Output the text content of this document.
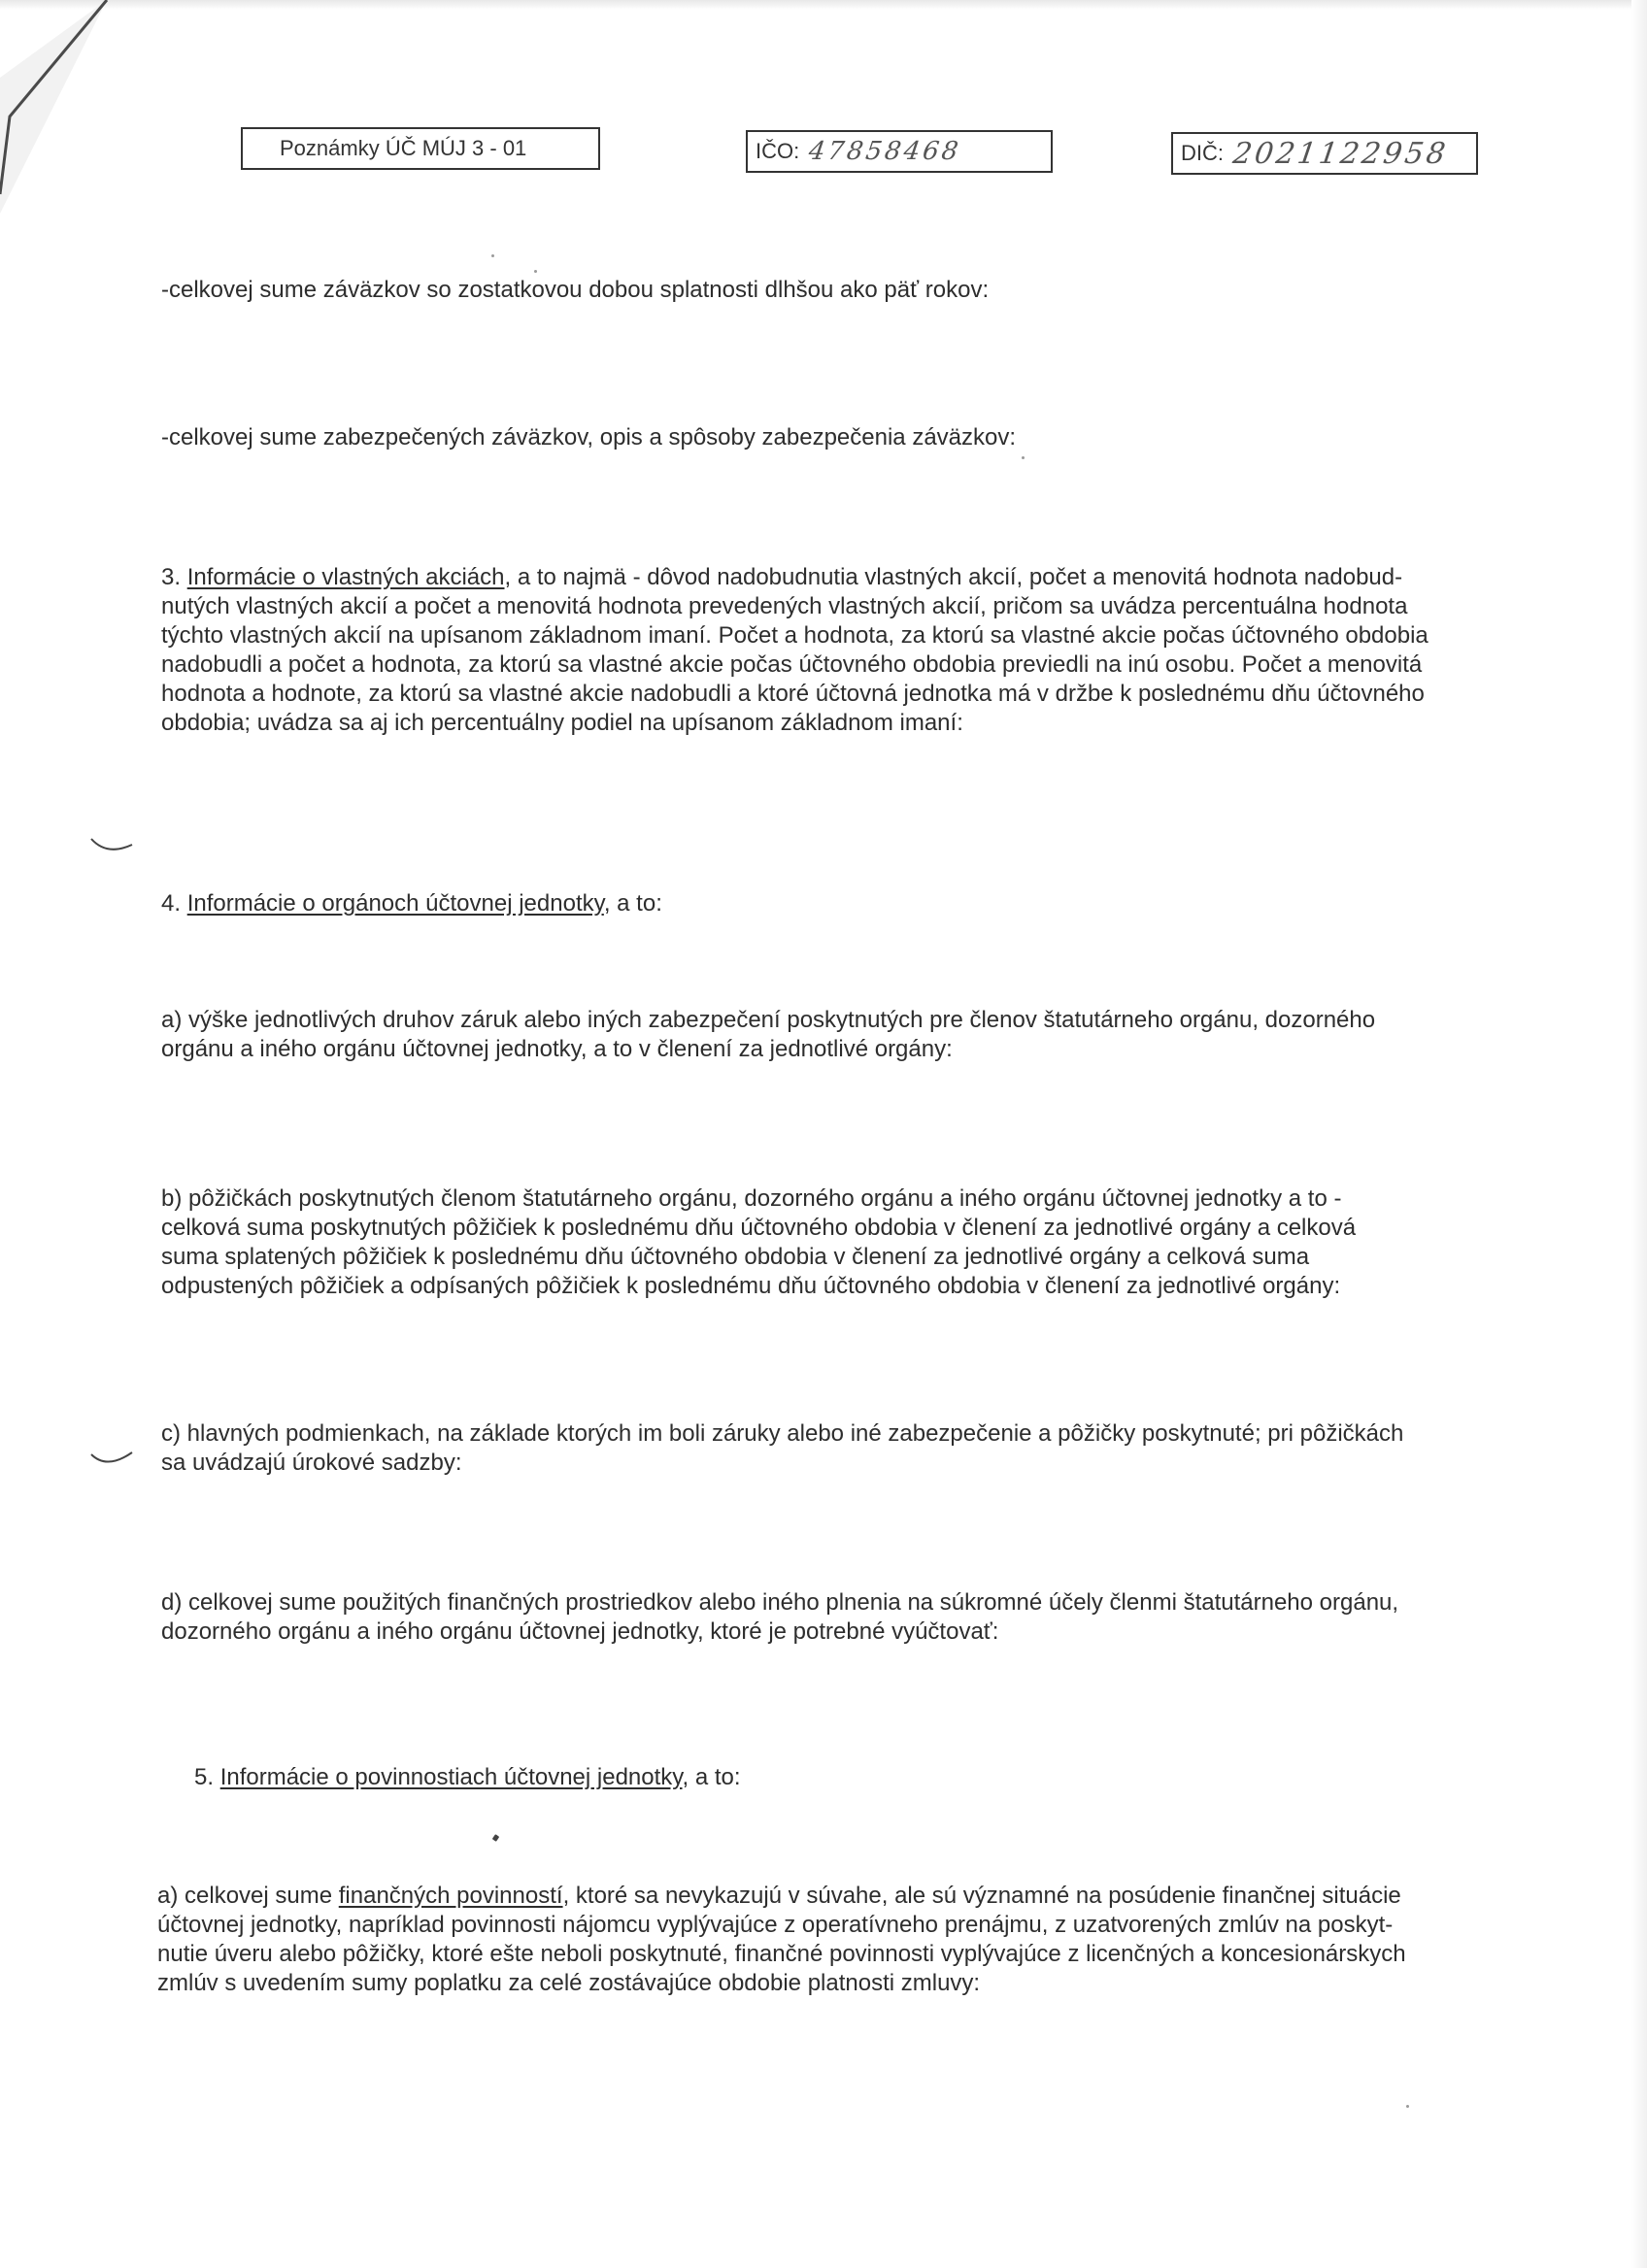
Poznámky ÚČ MÚJ 3 - 01	IČO: 47858468	DIČ: 2021122958

-celkovej sume záväzkov so zostatkovou dobou splatnosti dlhšou ako päť rokov:

-celkovej sume zabezpečených záväzkov, opis a spôsoby zabezpečenia záväzkov:

3. Informácie o vlastných akciách, a to najmä - dôvod nadobudnutia vlastných akcií, počet a menovitá hodnota nadobud-
nutých vlastných akcií a počet a menovitá hodnota prevedených vlastných akcií, pričom sa uvádza percentuálna hodnota
týchto vlastných akcií na upísanom základnom imaní. Počet a hodnota, za ktorú sa vlastné akcie počas účtovného obdobia
nadobudli a počet a hodnota, za ktorú sa vlastné akcie počas účtovného obdobia previedli na inú osobu. Počet a menovitá
hodnota a hodnote, za ktorú sa vlastné akcie nadobudli a ktoré účtovná jednotka má v držbe k poslednému dňu účtovného
obdobia; uvádza sa aj ich percentuálny podiel na upísanom základnom imaní:
4. Informácie o orgánoch účtovnej jednotky, a to:
a) výške jednotlivých druhov záruk alebo iných zabezpečení poskytnutých pre členov štatutárneho orgánu, dozorného
orgánu a iného orgánu účtovnej jednotky, a to v členení za jednotlivé orgány:
b) pôžičkách poskytnutých členom štatutárneho orgánu, dozorného orgánu a iného orgánu účtovnej jednotky a to -
celková suma poskytnutých pôžičiek k poslednému dňu účtovného obdobia v členení za jednotlivé orgány a celková
suma splatených pôžičiek k poslednému dňu účtovného obdobia v členení za jednotlivé orgány a celková suma
odpustených pôžičiek a odpísaných pôžičiek k poslednému dňu účtovného obdobia v členení za jednotlivé orgány:
c) hlavných podmienkach, na základe ktorých im boli záruky alebo iné zabezpečenie a pôžičky poskytnuté; pri pôžičkách
sa uvádzajú úrokové sadzby:
d) celkovej sume použitých finančných prostriedkov alebo iného plnenia na súkromné účely členmi štatutárneho orgánu,
dozorného orgánu a iného orgánu účtovnej jednotky, ktoré je potrebné vyúčtovať:
5. Informácie o povinnostiach účtovnej jednotky, a to:
a) celkovej sume finančných povinností, ktoré sa nevykazujú v súvahe, ale sú významné na posúdenie finančnej situácie
účtovnej jednotky, napríklad povinnosti nájomcu vyplývajúce z operatívneho prenájmu, z uzatvorených zmlúv na poskyt-
nutie úveru alebo pôžičky, ktoré ešte neboli poskytnuté, finančné povinnosti vyplývajúce z licenčných a koncesionárskych
zmlúv s uvedením sumy poplatku za celé zostávajúce obdobie platnosti zmluvy:
